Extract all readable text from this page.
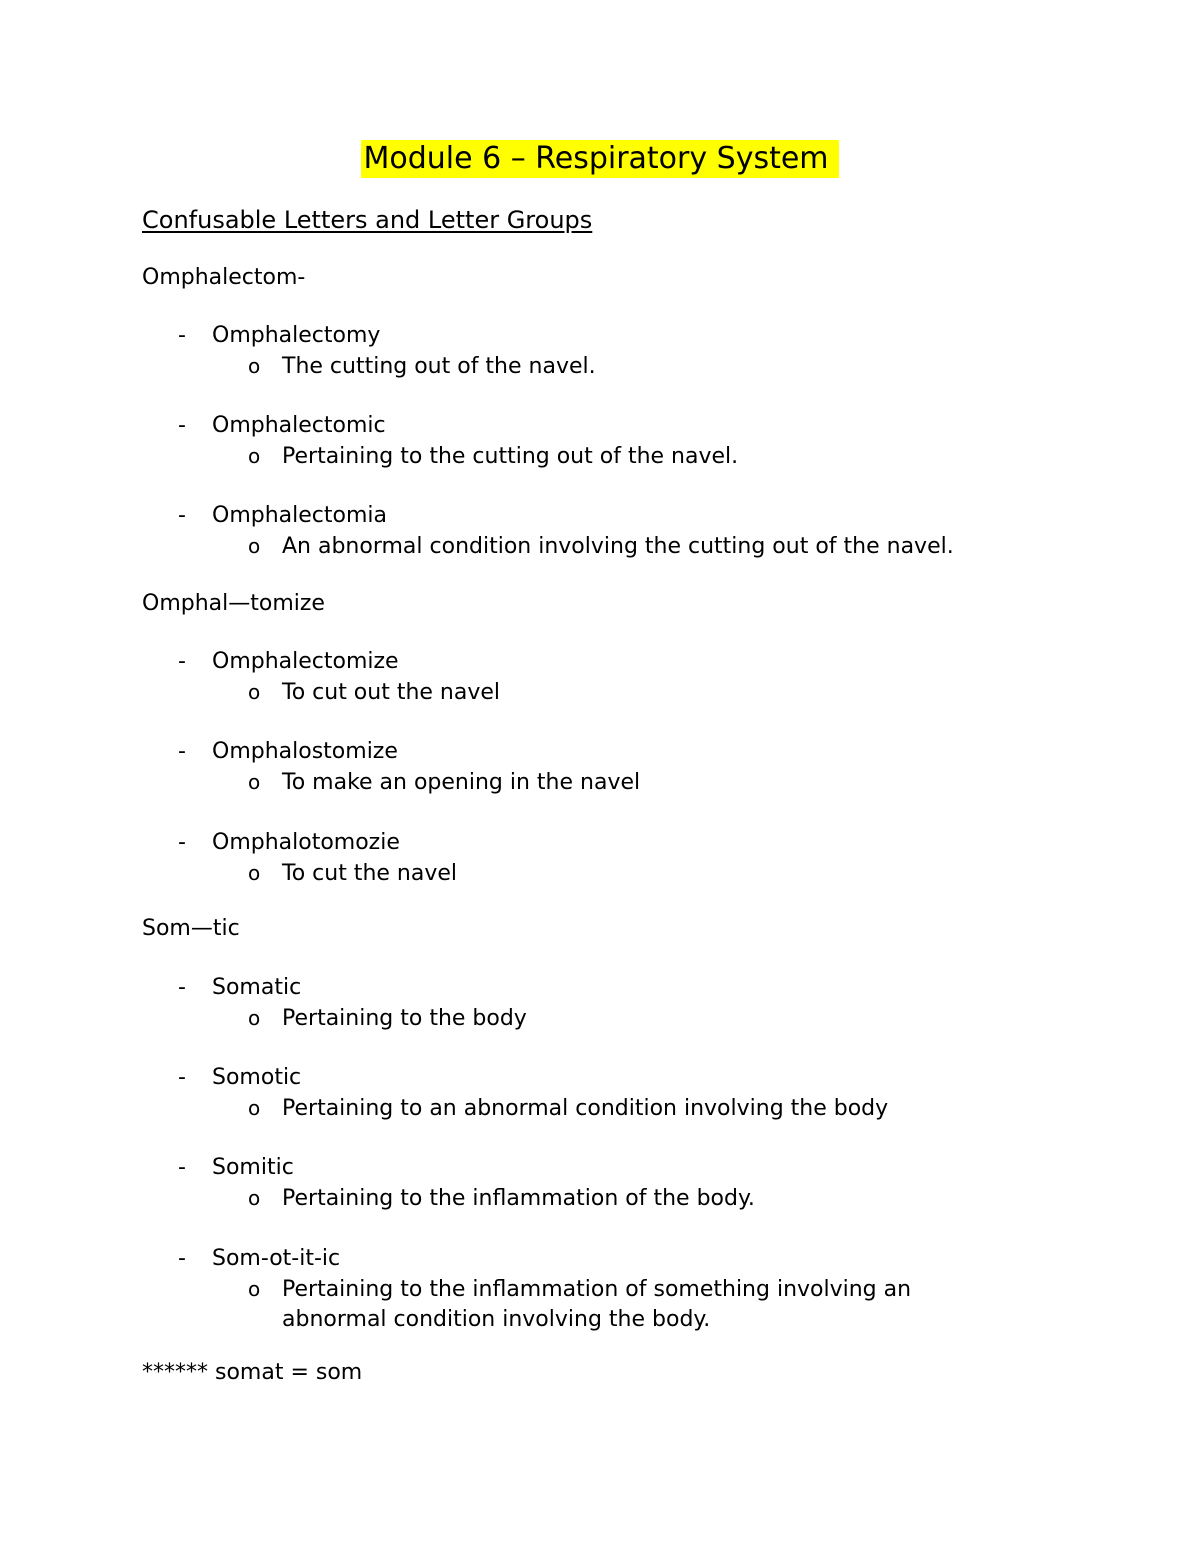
Module 6 – Respiratory System
Confusable Letters and Letter Groups
Omphalectom-
- Omphalectomy
o The cutting out of the navel.
- Omphalectomic
o Pertaining to the cutting out of the navel.
- Omphalectomia
o An abnormal condition involving the cutting out of the navel.
Omphal—tomize
- Omphalectomize
o To cut out the navel
- Omphalostomize
o To make an opening in the navel
- Omphalotomozie
o To cut the navel
Som—tic
- Somatic
o Pertaining to the body
- Somotic
o Pertaining to an abnormal condition involving the body
- Somitic
o Pertaining to the inflammation of the body.
- Som-ot-it-ic
o Pertaining to the inflammation of something involving an
abnormal condition involving the body.
****** somat = som
